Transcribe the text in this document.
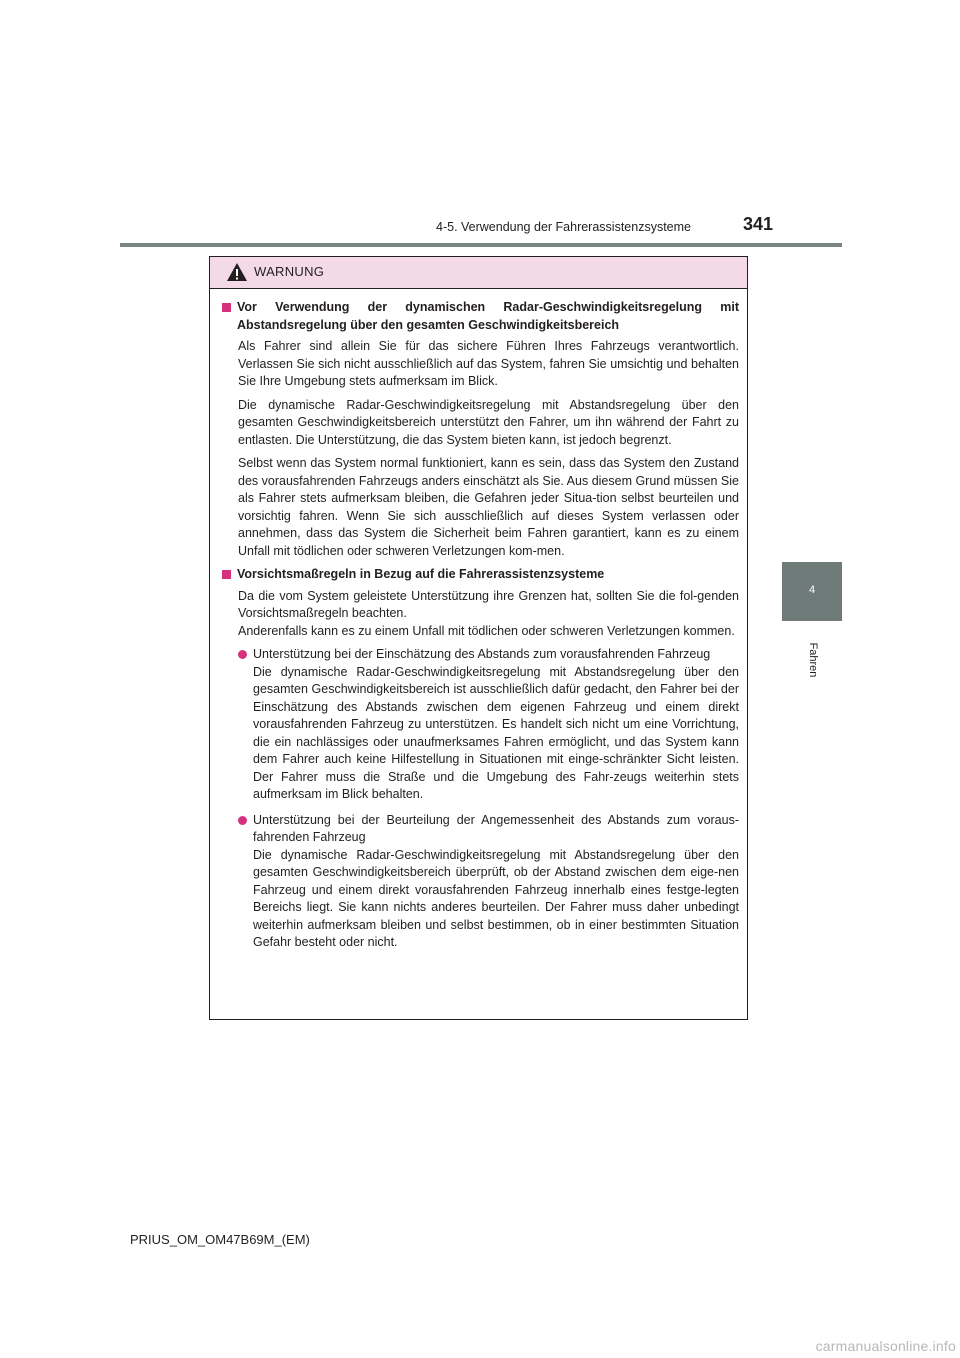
4-5. Verwendung der Fahrerassistenzsysteme	341
4
Fahren
WARNUNG
Vor Verwendung der dynamischen Radar-Geschwindigkeitsregelung mit Abstandsregelung über den gesamten Geschwindigkeitsbereich

Als Fahrer sind allein Sie für das sichere Führen Ihres Fahrzeugs verantwortlich. Verlassen Sie sich nicht ausschließlich auf das System, fahren Sie umsichtig und behalten Sie Ihre Umgebung stets aufmerksam im Blick.

Die dynamische Radar-Geschwindigkeitsregelung mit Abstandsregelung über den gesamten Geschwindigkeitsbereich unterstützt den Fahrer, um ihn während der Fahrt zu entlasten. Die Unterstützung, die das System bieten kann, ist jedoch begrenzt.

Selbst wenn das System normal funktioniert, kann es sein, dass das System den Zustand des vorausfahrenden Fahrzeugs anders einschätzt als Sie. Aus diesem Grund müssen Sie als Fahrer stets aufmerksam bleiben, die Gefahren jeder Situa-tion selbst beurteilen und vorsichtig fahren. Wenn Sie sich ausschließlich auf dieses System verlassen oder annehmen, dass das System die Sicherheit beim Fahren garantiert, kann es zu einem Unfall mit tödlichen oder schweren Verletzungen kom-men.

Vorsichtsmaßregeln in Bezug auf die Fahrerassistenzsysteme

Da die vom System geleistete Unterstützung ihre Grenzen hat, sollten Sie die fol-genden Vorsichtsmaßregeln beachten.
Anderenfalls kann es zu einem Unfall mit tödlichen oder schweren Verletzungen kommen.

Unterstützung bei der Einschätzung des Abstands zum vorausfahrenden Fahrzeug
Die dynamische Radar-Geschwindigkeitsregelung mit Abstandsregelung über den gesamten Geschwindigkeitsbereich ist ausschließlich dafür gedacht, den Fahrer bei der Einschätzung des Abstands zwischen dem eigenen Fahrzeug und einem direkt vorausfahrenden Fahrzeug zu unterstützen. Es handelt sich nicht um eine Vorrichtung, die ein nachlässiges oder unaufmerksames Fahren ermöglicht, und das System kann dem Fahrer auch keine Hilfestellung in Situationen mit einge-schränkter Sicht leisten. Der Fahrer muss die Straße und die Umgebung des Fahr-zeugs weiterhin stets aufmerksam im Blick behalten.
Unterstützung bei der Beurteilung der Angemessenheit des Abstands zum voraus-fahrenden Fahrzeug
Die dynamische Radar-Geschwindigkeitsregelung mit Abstandsregelung über den gesamten Geschwindigkeitsbereich überprüft, ob der Abstand zwischen dem eige-nen Fahrzeug und einem direkt vorausfahrenden Fahrzeug innerhalb eines festge-legten Bereichs liegt. Sie kann nichts anderes beurteilen. Der Fahrer muss daher unbedingt weiterhin aufmerksam bleiben und selbst bestimmen, ob in einer bestimmten Situation Gefahr besteht oder nicht.
PRIUS_OM_OM47B69M_(EM)
carmanualsonline.info
